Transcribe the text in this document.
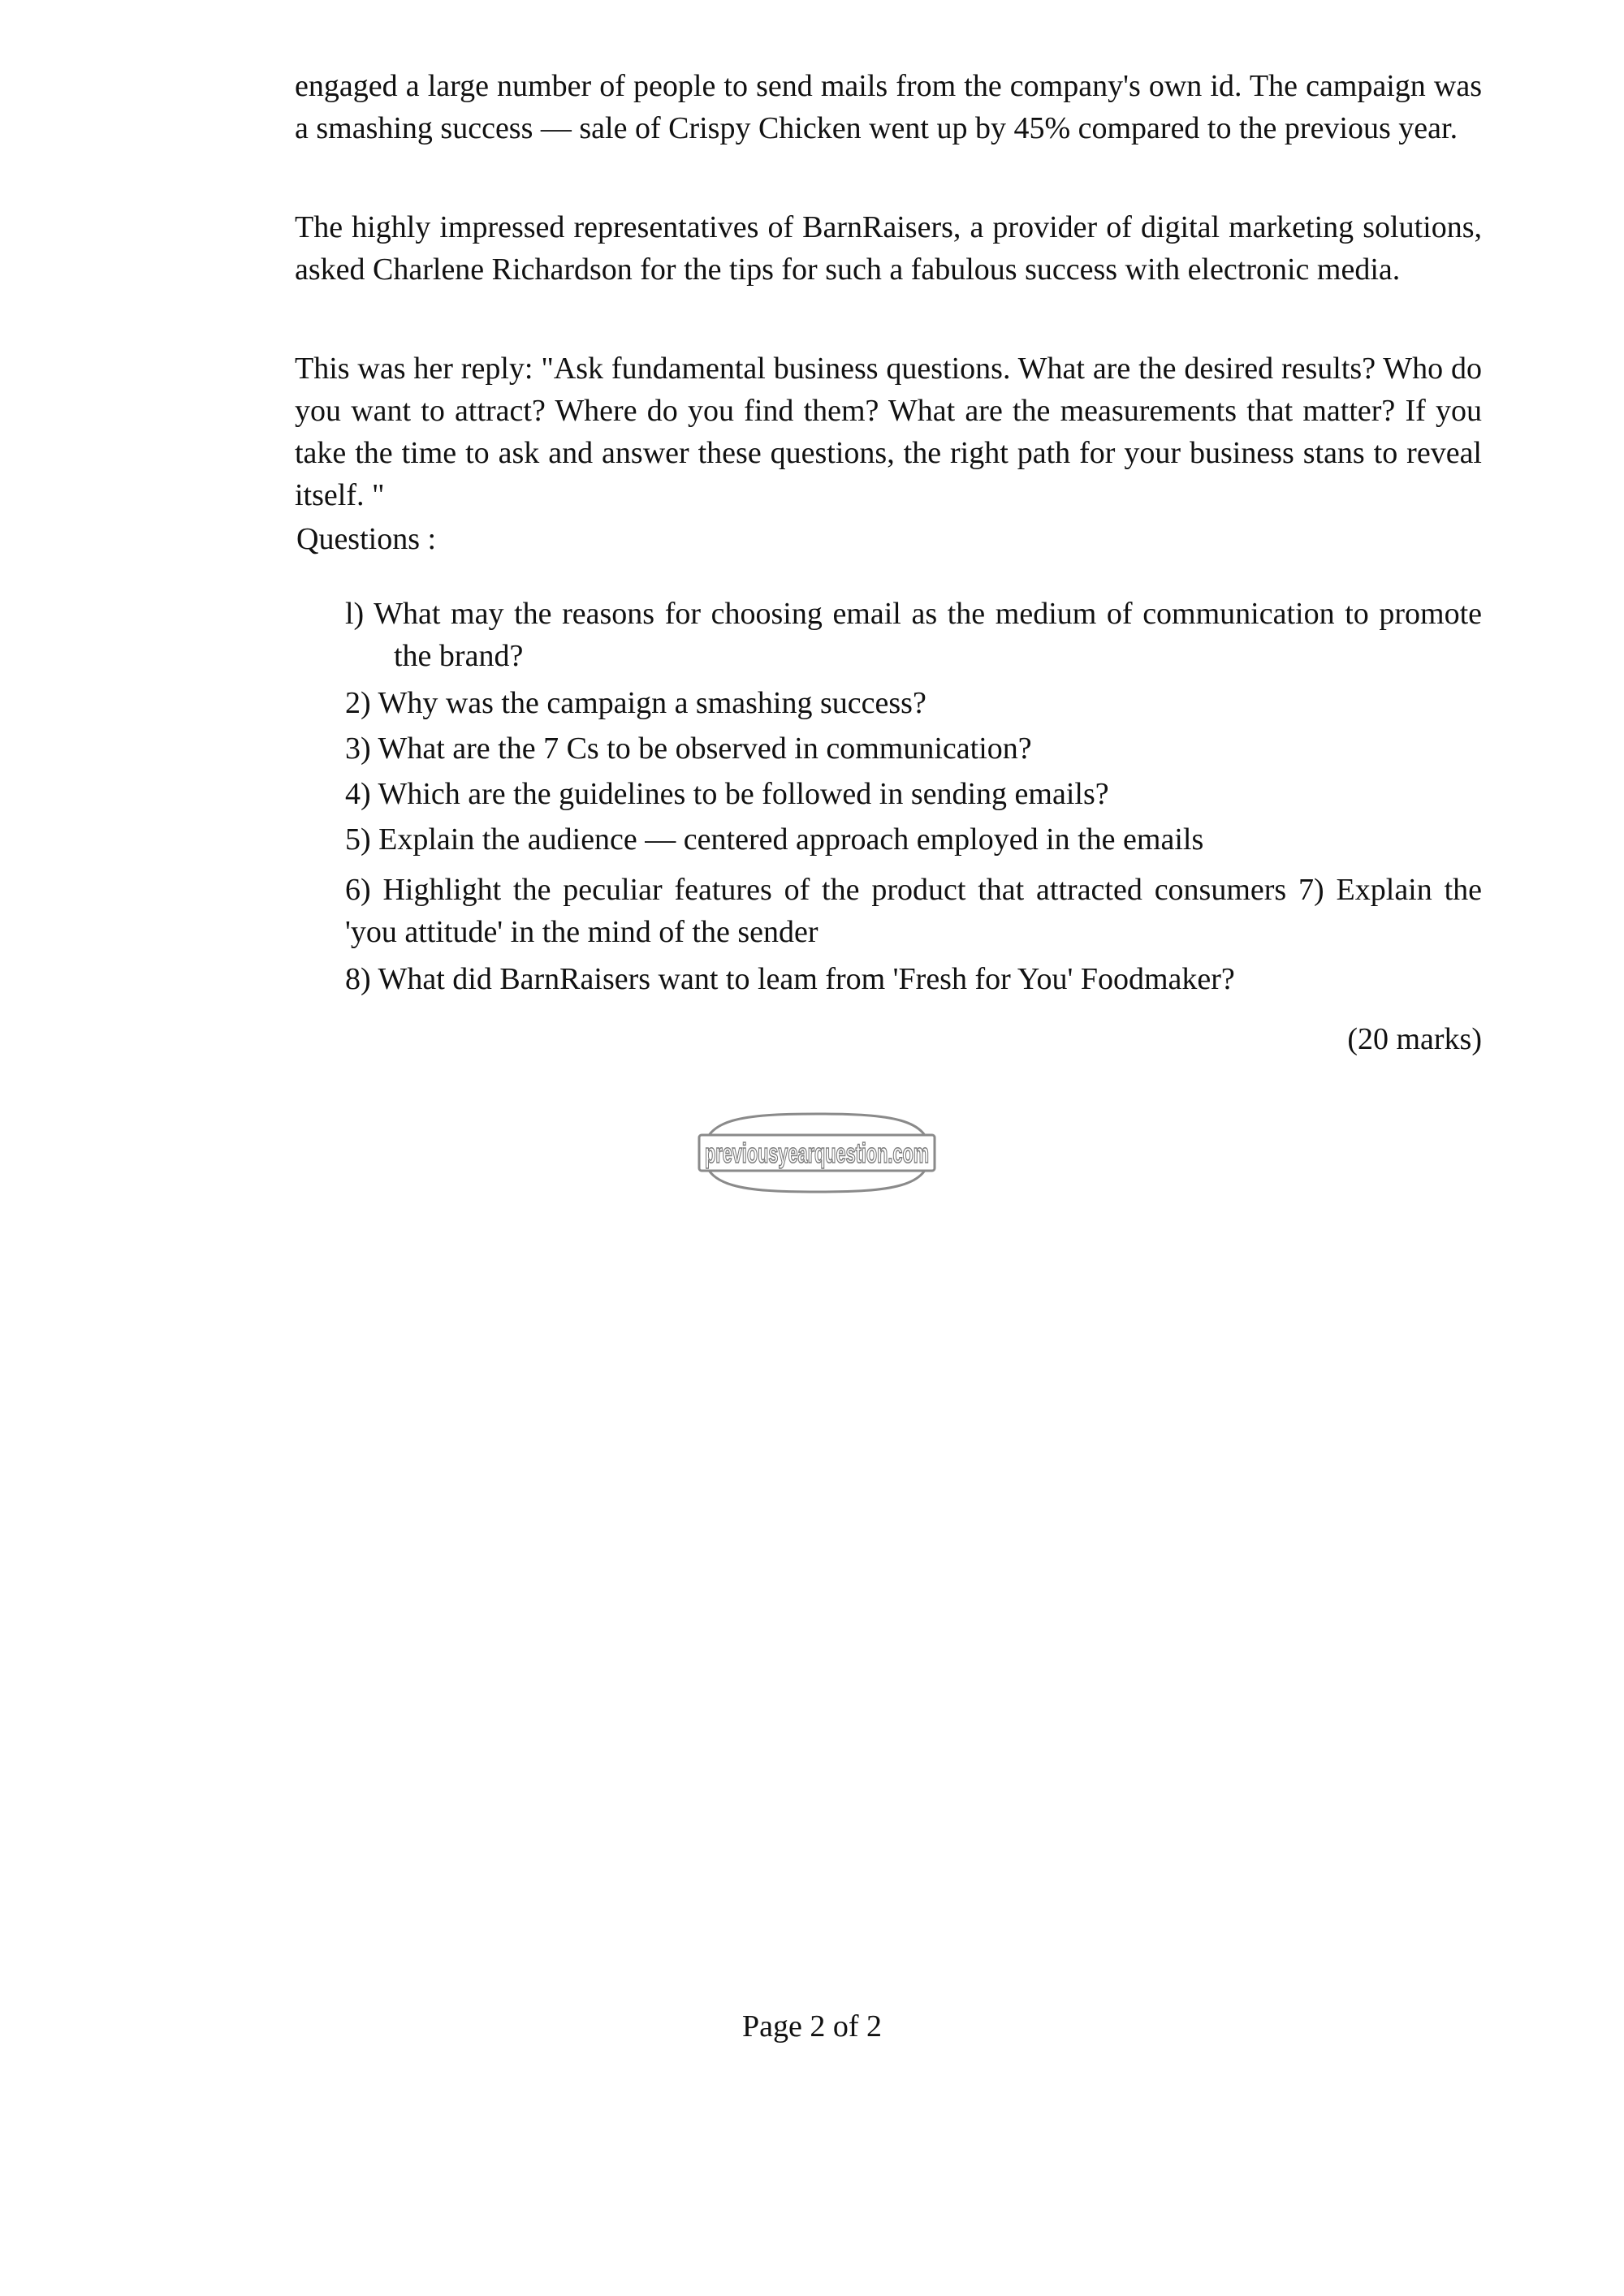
engaged a large number of people to send mails from the company's own id. The campaign was a smashing success — sale of Crispy Chicken went up by 45% compared to the previous year.

The highly impressed representatives of BarnRaisers, a provider of digital marketing solutions, asked Charlene Richardson for the tips for such a fabulous success with electronic media.

This was her reply: "Ask fundamental business questions. What are the desired results? Who do you want to attract? Where do you find them? What are the measurements that matter? If you take the time to ask and answer these questions, the right path for your business stans to reveal itself. "

Questions :

l) What may the reasons for choosing email as the medium of communication to promote the brand?
2) Why was the campaign a smashing success?
3) What are the 7 Cs to be observed in communication?
4) Which are the guidelines to be followed in sending emails?
5) Explain the audience — centered approach employed in the emails
6) Highlight the peculiar features of the product that attracted consumers 7) Explain the 'you attitude' in the mind of the sender
8) What did BarnRaisers want to leam from 'Fresh for You' Foodmaker?

(20 marks)

previousyearquestion.com

Page 2 of 2
